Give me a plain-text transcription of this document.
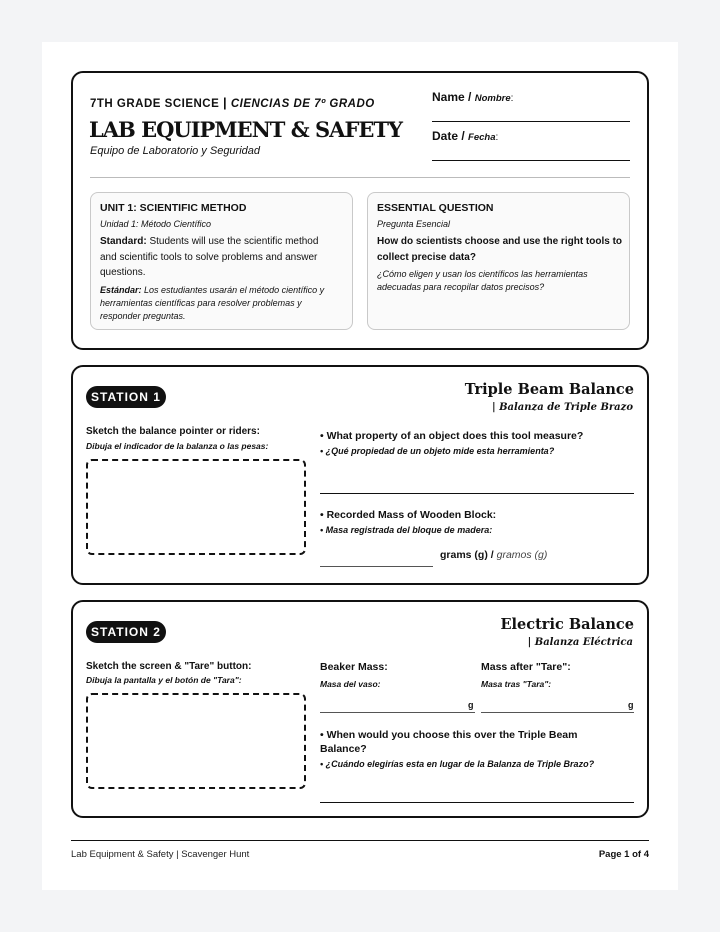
7TH GRADE SCIENCE | CIENCIAS DE 7º GRADO
LAB EQUIPMENT & SAFETY
Equipo de Laboratorio y Seguridad
Name / Nombre:
Date / Fecha:
UNIT 1: SCIENTIFIC METHOD
Unidad 1: Método Científico
Standard: Students will use the scientific method
and scientific tools to solve problems and answer
questions.
Estándar: Los estudiantes usarán el método científico y
herramientas científicas para resolver problemas y
responder preguntas.
ESSENTIAL QUESTION
Pregunta Esencial
How do scientists choose and use the right tools to
collect precise data?
¿Cómo eligen y usan los científicos las herramientas
adecuadas para recopilar datos precisos?
STATION 1	Triple Beam Balance
| Balanza de Triple Brazo
Sketch the balance pointer or riders:
Dibuja el indicador de la balanza o las pesas:
• What property of an object does this tool measure?
• ¿Qué propiedad de un objeto mide esta herramienta?
• Recorded Mass of Wooden Block:
• Masa registrada del bloque de madera:
grams (g) / gramos (g)
STATION 2	Electric Balance
| Balanza Eléctrica
Sketch the screen & "Tare" button:
Dibuja la pantalla y el botón de "Tara":
Beaker Mass:
Masa del vaso:
g
Mass after "Tare":
Masa tras "Tara":
g
• When would you choose this over the Triple Beam
Balance?
• ¿Cuándo elegirías esta en lugar de la Balanza de Triple Brazo?
Lab Equipment & Safety | Scavenger Hunt	Page 1 of 4
